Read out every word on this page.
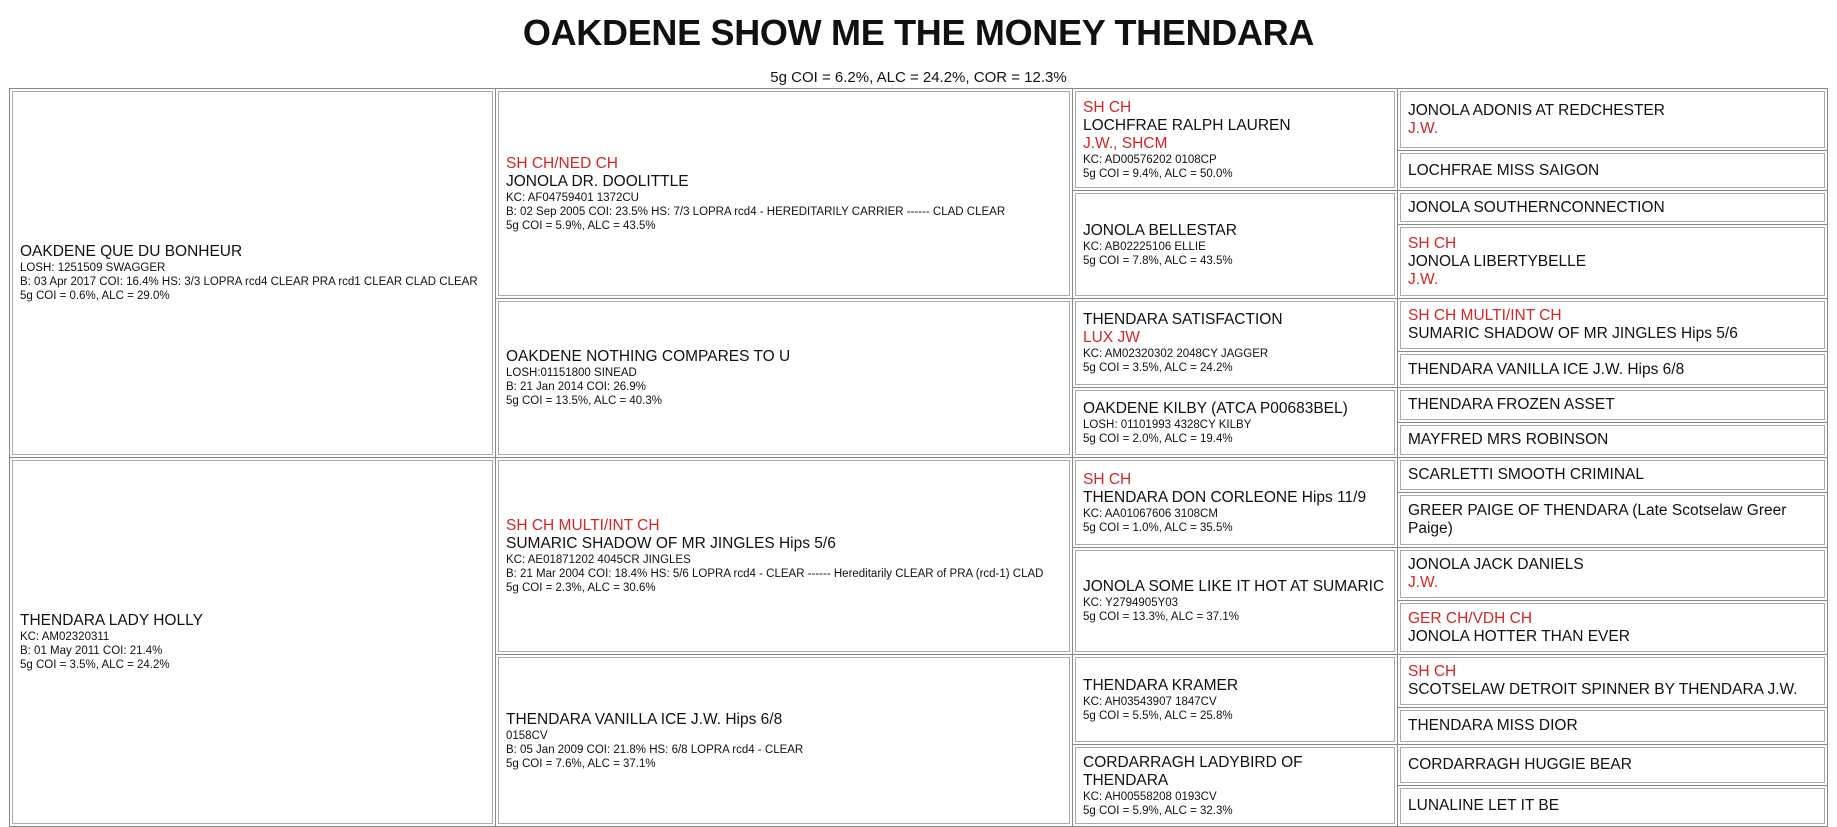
OAKDENE SHOW ME THE MONEY THENDARA
5g COI = 6.2%, ALC = 24.2%, COR = 12.3%
OAKDENE QUE DU BONHEUR
LOSH: 1251509 SWAGGER
B: 03 Apr 2017 COI: 16.4% HS: 3/3 LOPRA rcd4 CLEAR PRA rcd1 CLEAR CLAD CLEAR
5g COI = 0.6%, ALC = 29.0%
THENDARA LADY HOLLY
KC: AM02320311
B: 01 May 2011 COI: 21.4%
5g COI = 3.5%, ALC = 24.2%
SH CH/NED CH
JONOLA DR. DOOLITTLE
KC: AF04759401 1372CU
B: 02 Sep 2005 COI: 23.5% HS: 7/3 LOPRA rcd4 - HEREDITARILY CARRIER ------ CLAD CLEAR
5g COI = 5.9%, ALC = 43.5%
OAKDENE NOTHING COMPARES TO U
LOSH:01151800 SINEAD
B: 21 Jan 2014 COI: 26.9%
5g COI = 13.5%, ALC = 40.3%
SH CH MULTI/INT CH
SUMARIC SHADOW OF MR JINGLES Hips 5/6
KC: AE01871202 4045CR JINGLES
B: 21 Mar 2004 COI: 18.4% HS: 5/6 LOPRA rcd4 - CLEAR ------ Hereditarily CLEAR of PRA (rcd-1) CLAD
5g COI = 2.3%, ALC = 30.6%
THENDARA VANILLA ICE J.W. Hips 6/8
0158CV
B: 05 Jan 2009 COI: 21.8% HS: 6/8 LOPRA rcd4 - CLEAR
5g COI = 7.6%, ALC = 37.1%
SH CH
LOCHFRAE RALPH LAUREN
J.W., SHCM
KC: AD00576202 0108CP
5g COI = 9.4%, ALC = 50.0%
JONOLA BELLESTAR
KC: AB02225106 ELLIE
5g COI = 7.8%, ALC = 43.5%
THENDARA SATISFACTION
LUX JW
KC: AM02320302 2048CY JAGGER
5g COI = 3.5%, ALC = 24.2%
OAKDENE KILBY (ATCA P00683BEL)
LOSH: 01101993 4328CY KILBY
5g COI = 2.0%, ALC = 19.4%
SH CH
THENDARA DON CORLEONE Hips 11/9
KC: AA01067606 3108CM
5g COI = 1.0%, ALC = 35.5%
JONOLA SOME LIKE IT HOT AT SUMARIC
KC: Y2794905Y03
5g COI = 13.3%, ALC = 37.1%
THENDARA KRAMER
KC: AH03543907 1847CV
5g COI = 5.5%, ALC = 25.8%
CORDARRAGH LADYBIRD OF THENDARA
KC: AH00558208 0193CV
5g COI = 5.9%, ALC = 32.3%
JONOLA ADONIS AT REDCHESTER
J.W.
LOCHFRAE MISS SAIGON
JONOLA SOUTHERNCONNECTION
SH CH
JONOLA LIBERTYBELLE
J.W.
SH CH MULTI/INT CH
SUMARIC SHADOW OF MR JINGLES Hips 5/6
THENDARA VANILLA ICE J.W. Hips 6/8
THENDARA FROZEN ASSET
MAYFRED MRS ROBINSON
SCARLETTI SMOOTH CRIMINAL
GREER PAIGE OF THENDARA (Late Scotselaw Greer Paige)
JONOLA JACK DANIELS
J.W.
GER CH/VDH CH
JONOLA HOTTER THAN EVER
SH CH
SCOTSELAW DETROIT SPINNER BY THENDARA J.W.
THENDARA MISS DIOR
CORDARRAGH HUGGIE BEAR
LUNALINE LET IT BE
